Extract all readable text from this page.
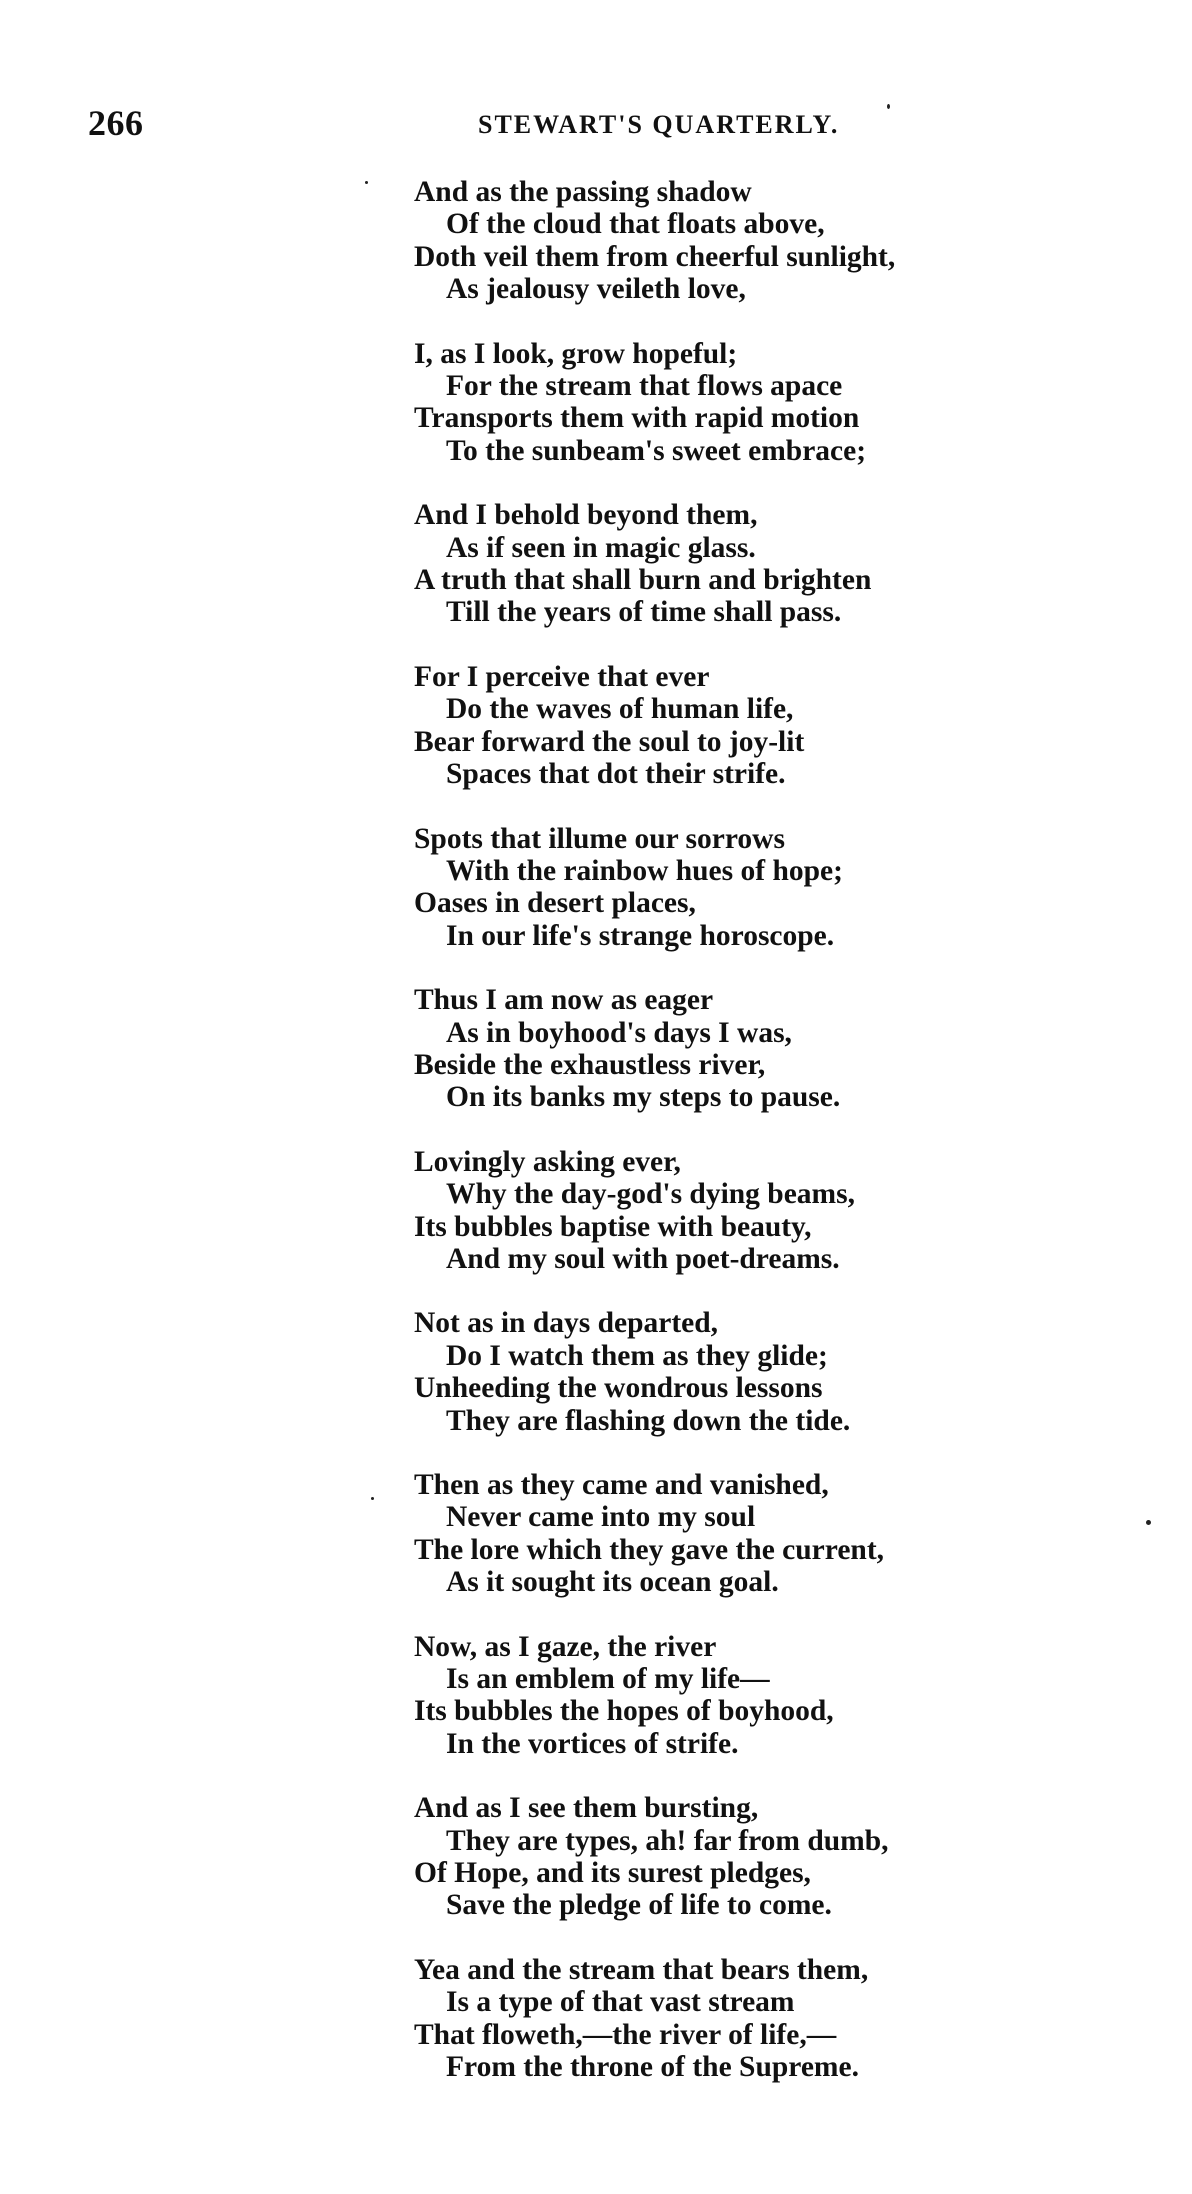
266	STEWART'S QUARTERLY.
And as the passing shadow
Of the cloud that floats above,
Doth veil them from cheerful sunlight,
As jealousy veileth love,
I, as I look, grow hopeful;
For the stream that flows apace
Transports them with rapid motion
To the sunbeam's sweet embrace;
And I behold beyond them,
As if seen in magic glass.
A truth that shall burn and brighten
Till the years of time shall pass.
For I perceive that ever
Do the waves of human life,
Bear forward the soul to joy-lit
Spaces that dot their strife.
Spots that illume our sorrows
With the rainbow hues of hope;
Oases in desert places,
In our life's strange horoscope.
Thus I am now as eager
As in boyhood's days I was,
Beside the exhaustless river,
On its banks my steps to pause.
Lovingly asking ever,
Why the day-god's dying beams,
Its bubbles baptise with beauty,
And my soul with poet-dreams.
Not as in days departed,
Do I watch them as they glide;
Unheeding the wondrous lessons
They are flashing down the tide.
Then as they came and vanished,
Never came into my soul
The lore which they gave the current,
As it sought its ocean goal.
Now, as I gaze, the river
Is an emblem of my life—
Its bubbles the hopes of boyhood,
In the vortices of strife.
And as I see them bursting,
They are types, ah! far from dumb,
Of Hope, and its surest pledges,
Save the pledge of life to come.
Yea and the stream that bears them,
Is a type of that vast stream
That floweth,—the river of life,—
From the throne of the Supreme.
